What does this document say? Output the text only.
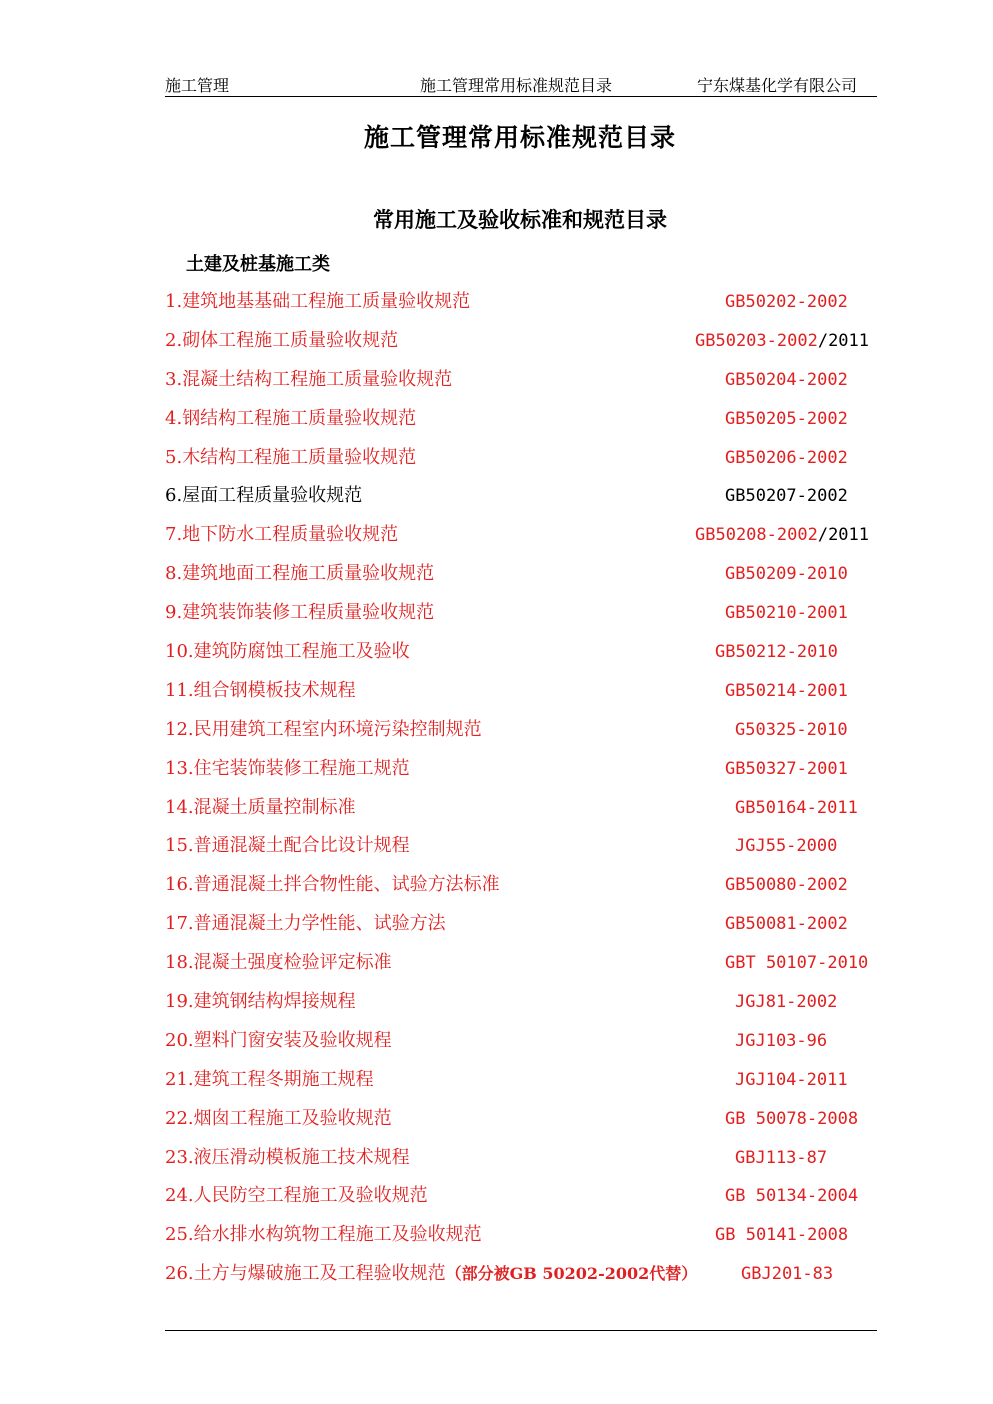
施工管理	施工管理常用标准规范目录	宁东煤基化学有限公司
施工管理常用标准规范目录
常用施工及验收标准和规范目录
土建及桩基施工类
1.建筑地基基础工程施工质量验收规范	GB50202-2002
2.砌体工程施工质量验收规范	GB50203-2002/2011
3.混凝土结构工程施工质量验收规范	GB50204-2002
4.钢结构工程施工质量验收规范	GB50205-2002
5.木结构工程施工质量验收规范	GB50206-2002
6.屋面工程质量验收规范	GB50207-2002
7.地下防水工程质量验收规范	GB50208-2002/2011
8.建筑地面工程施工质量验收规范	GB50209-2010
9.建筑装饰装修工程质量验收规范	GB50210-2001
10.建筑防腐蚀工程施工及验收	GB50212-2010
11.组合钢模板技术规程	GB50214-2001
12.民用建筑工程室内环境污染控制规范	G50325-2010
13.住宅装饰装修工程施工规范	GB50327-2001
14.混凝土质量控制标准	GB50164-2011
15.普通混凝土配合比设计规程	JGJ55-2000
16.普通混凝土拌合物性能、试验方法标准	GB50080-2002
17.普通混凝土力学性能、试验方法	GB50081-2002
18.混凝土强度检验评定标准	GBT 50107-2010
19.建筑钢结构焊接规程	JGJ81-2002
20.塑料门窗安装及验收规程	JGJ103-96
21.建筑工程冬期施工规程	JGJ104-2011
22.烟囱工程施工及验收规范	GB 50078-2008
23.液压滑动模板施工技术规程	GBJ113-87
24.人民防空工程施工及验收规范	GB 50134-2004
25.给水排水构筑物工程施工及验收规范	GB 50141-2008
26.土方与爆破施工及工程验收规范（部分被GB 50202-2002代替）	GBJ201-83
